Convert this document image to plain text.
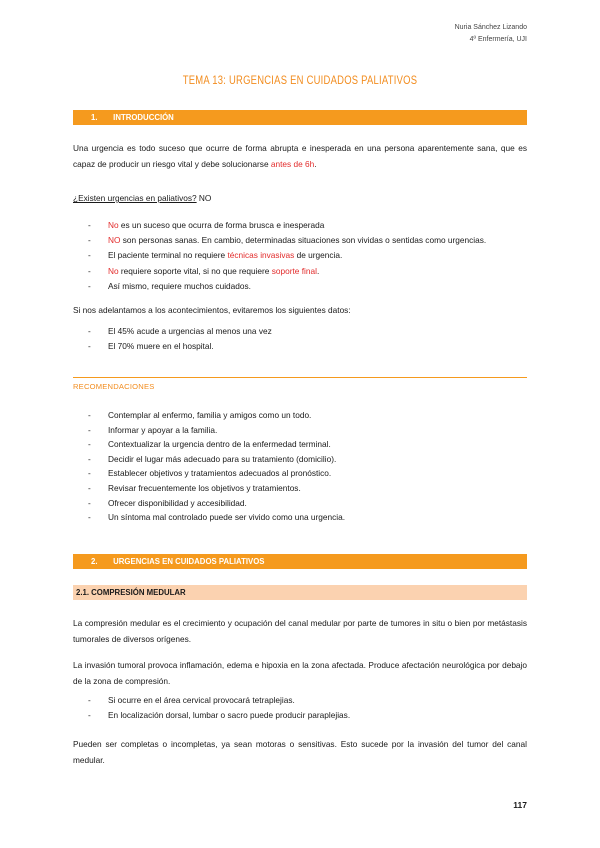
Nuria Sánchez Lizando
4º Enfermería, UJI
TEMA 13: URGENCIAS EN CUIDADOS PALIATIVOS
1. INTRODUCCIÓN
Una urgencia es todo suceso que ocurre de forma abrupta e inesperada en una persona aparentemente sana, que es capaz de producir un riesgo vital y debe solucionarse antes de 6h.
¿Existen urgencias en paliativos? NO
- No es un suceso que ocurra de forma brusca e inesperada
- NO son personas sanas. En cambio, determinadas situaciones son vividas o sentidas como urgencias.
- El paciente terminal no requiere técnicas invasivas de urgencia.
- No requiere soporte vital, si no que requiere soporte final.
- Así mismo, requiere muchos cuidados.
Si nos adelantamos a los acontecimientos, evitaremos los siguientes datos:
- El 45% acude a urgencias al menos una vez
- El 70% muere en el hospital.
RECOMENDACIONES
- Contemplar al enfermo, familia y amigos como un todo.
- Informar y apoyar a la familia.
- Contextualizar la urgencia dentro de la enfermedad terminal.
- Decidir el lugar más adecuado para su tratamiento (domicilio).
- Establecer objetivos y tratamientos adecuados al pronóstico.
- Revisar frecuentemente los objetivos y tratamientos.
- Ofrecer disponibilidad y accesibilidad.
- Un síntoma mal controlado puede ser vivido como una urgencia.
2. URGENCIAS EN CUIDADOS PALIATIVOS
2.1. COMPRESIÓN MEDULAR
La compresión medular es el crecimiento y ocupación del canal medular por parte de tumores in situ o bien por metástasis tumorales de diversos orígenes.
La invasión tumoral provoca inflamación, edema e hipoxia en la zona afectada. Produce afectación neurológica por debajo de la zona de compresión.
- Si ocurre en el área cervical provocará tetraplejias.
- En localización dorsal, lumbar o sacro puede producir paraplejias.
Pueden ser completas o incompletas, ya sean motoras o sensitivas. Esto sucede por la invasión del tumor del canal medular.
117
